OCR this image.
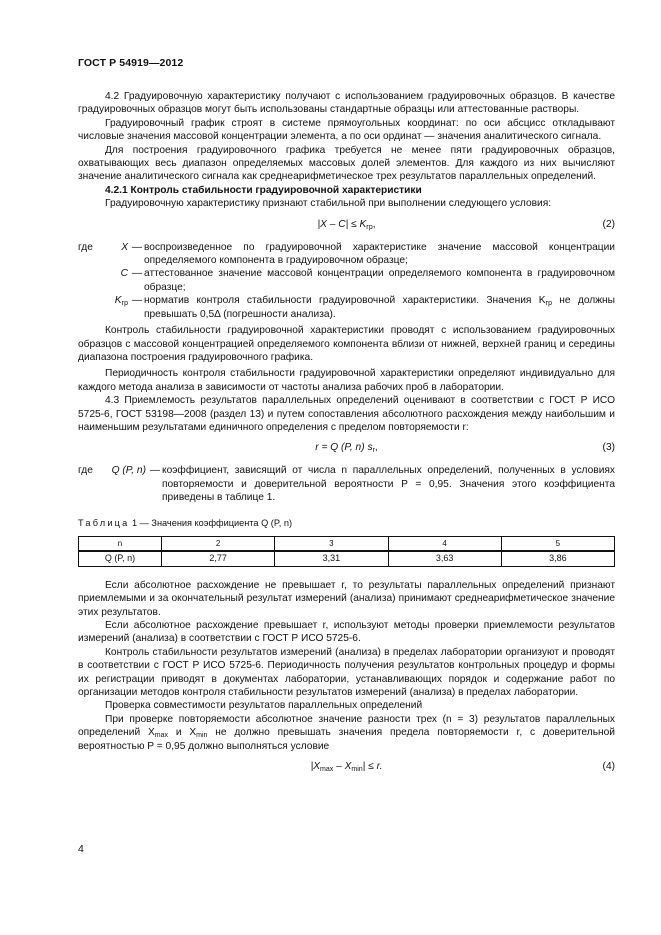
ГОСТ Р 54919—2012

4.2 Градуировочную характеристику получают с использованием градуировочных образцов. В качестве градуировочных образцов могут быть использованы стандартные образцы или аттестованные растворы.

Градуировочный график строят в системе прямоугольных координат: по оси абсцисс откладывают числовые значения массовой концентрации элемента, а по оси ординат — значения аналитического сигнала.

Для построения градуировочного графика требуется не менее пяти градуировочных образцов, охватывающих весь диапазон определяемых массовых долей элементов. Для каждого из них вычисляют значение аналитического сигнала как среднеарифметическое трех результатов параллельных определений.

4.2.1 Контроль стабильности градуировочной характеристики

Градуировочную характеристику признают стабильной при выполнении следующего условия:

$|X - C| \le K_{гр}$,	(2)
где	X — воспроизведенное по градуировочной характеристике значение массовой концентрации определяемого компонента в градуировочном образце;
C — аттестованное значение массовой концентрации определяемого компонента в градуировочном образце;
$K_{гр}$ — норматив контроля стабильности градуировочной характеристики. Значения $K_{гр}$ не должны превышать 0,5Δ (погрешности анализа).

Контроль стабильности градуировочной характеристики проводят с использованием градуировочных образцов с массовой концентрацией определяемого компонента вблизи от нижней, верхней границ и середины диапазона построения градуировочного графика.

Периодичность контроля стабильности градуировочной характеристики определяют индивидуально для каждого метода анализа в зависимости от частоты анализа рабочих проб в лаборатории.

4.3 Приемлемость результатов параллельных определений оценивают в соответствии с ГОСТ Р ИСО 5725-6, ГОСТ 53198—2008 (раздел 13) и путем сопоставления абсолютного расхождения между наибольшим и наименьшим результатами единичного определения с пределом повторяемости r:

r = Q (P, n) $s_r$,	(3)
где	Q (P, n) — коэффициент, зависящий от числа n параллельных определений, полученных в условиях повторяемости и доверительной вероятности P = 0,95. Значения этого коэффициента приведены в таблице 1.
Таблица 1 — Значения коэффициента Q (P, n)
n	2	3	4	5
Q (P, n)	2,77	3,31	3,63	3,86

Если абсолютное расхождение не превышает r, то результаты параллельных определений признают приемлемыми и за окончательный результат измерений (анализа) принимают среднеарифметическое значение этих результатов.

Если абсолютное расхождение превышает r, используют методы проверки приемлемости результатов измерений (анализа) в соответствии с ГОСТ Р ИСО 5725-6.

Контроль стабильности результатов измерений (анализа) в пределах лаборатории организуют и проводят в соответствии с ГОСТ Р ИСО 5725-6. Периодичность получения результатов контрольных процедур и формы их регистрации приводят в документах лаборатории, устанавливающих порядок и содержание работ по организации методов контроля стабильности результатов измерений (анализа) в пределах лаборатории.

Проверка совместимости результатов параллельных определений

При проверке повторяемости абсолютное значение разности трех (n = 3) результатов параллельных определений $X_{max}$ и $X_{min}$ не должно превышать значения предела повторяемости r, с доверительной вероятностью P = 0,95 должно выполняться условие

$|X_{max} - X_{min}| \le r$.	(4)
4
